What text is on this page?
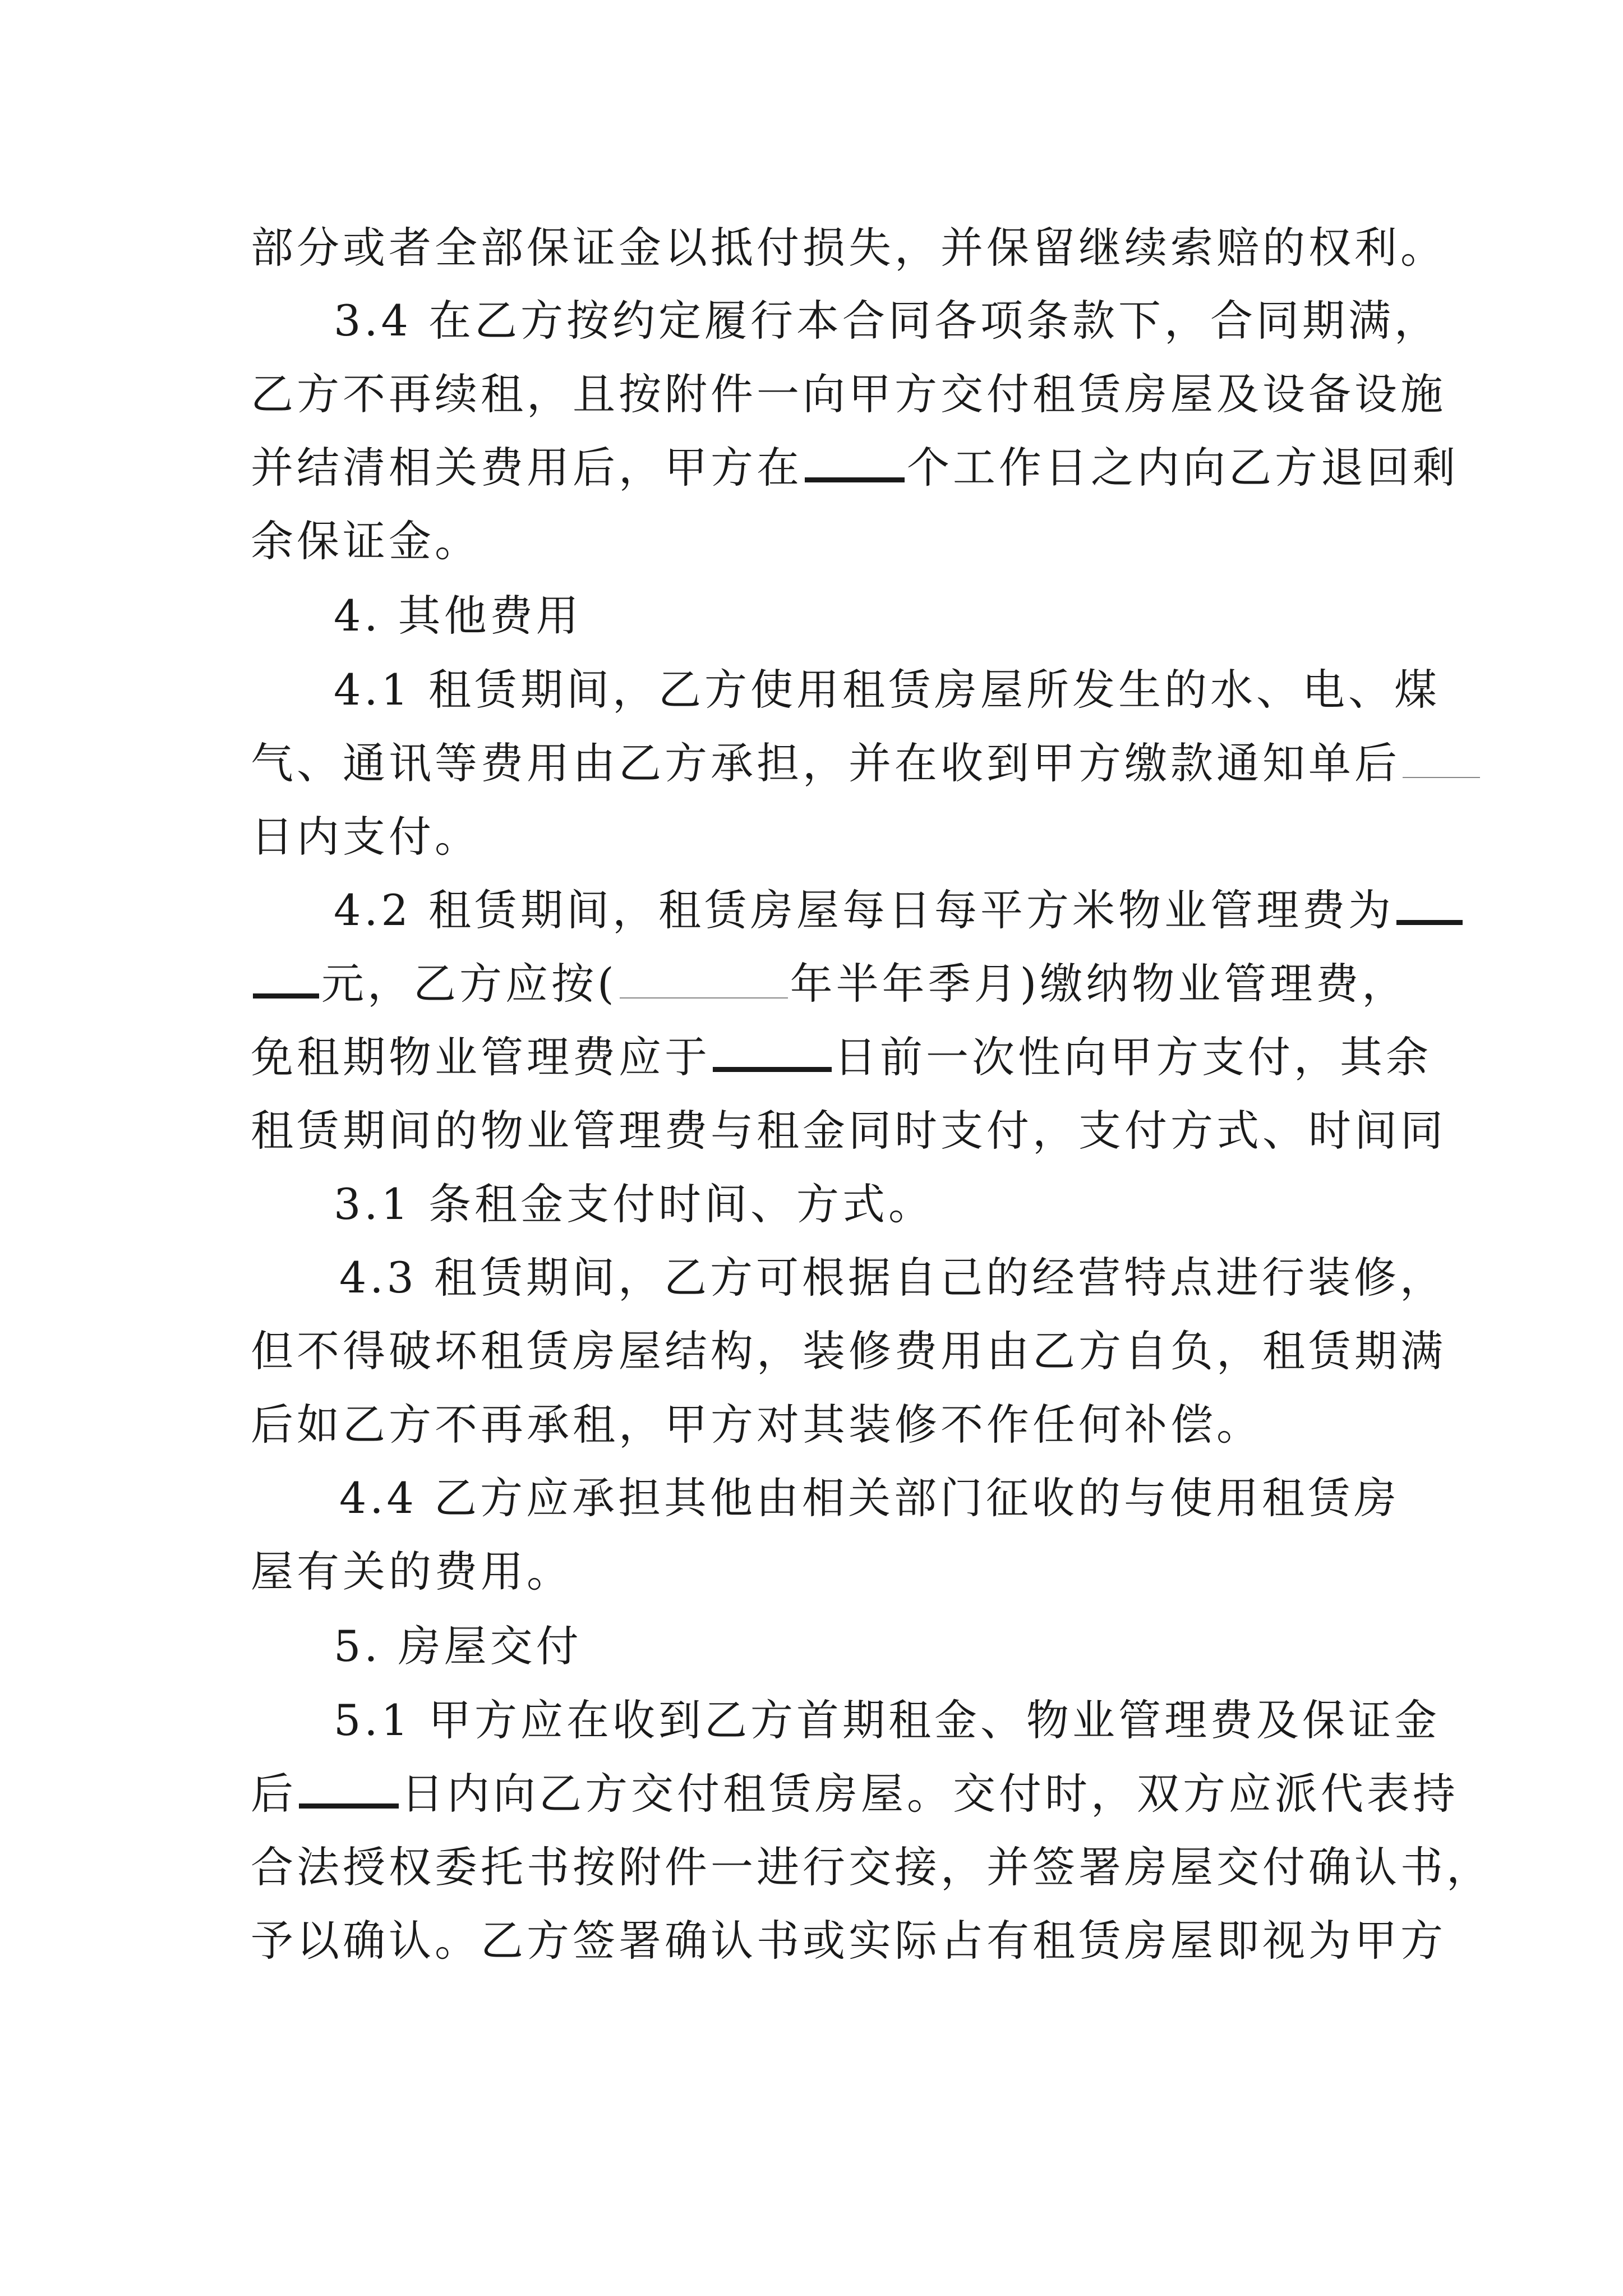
部分或者全部保证金以抵付损失，并保留继续索赔的权利。
3.4 在乙方按约定履行本合同各项条款下，合同期满，
乙方不再续租，且按附件一向甲方交付租赁房屋及设备设施
并结清相关费用后，甲方在 个工作日之内向乙方退回剩
余保证金。
4. 其他费用
4.1 租赁期间，乙方使用租赁房屋所发生的水、电、煤
气、通讯等费用由乙方承担，并在收到甲方缴款通知单后
日内支付。
4.2 租赁期间，租赁房屋每日每平方米物业管理费为
元，乙方应按(	年半年季月)缴纳物业管理费，
免租期物业管理费应于	日前一次性向甲方支付，其余
租赁期间的物业管理费与租金同时支付，支付方式、时间同
3.1 条租金支付时间、方式。
4.3 租赁期间，乙方可根据自己的经营特点进行装修，
但不得破坏租赁房屋结构，装修费用由乙方自负，租赁期满
后如乙方不再承租，甲方对其装修不作任何补偿。
4.4 乙方应承担其他由相关部门征收的与使用租赁房
屋有关的费用。
5. 房屋交付
5.1 甲方应在收到乙方首期租金、物业管理费及保证金
后 日内向乙方交付租赁房屋。交付时，双方应派代表持
合法授权委托书按附件一进行交接，并签署房屋交付确认书，
予以确认。乙方签署确认书或实际占有租赁房屋即视为甲方
